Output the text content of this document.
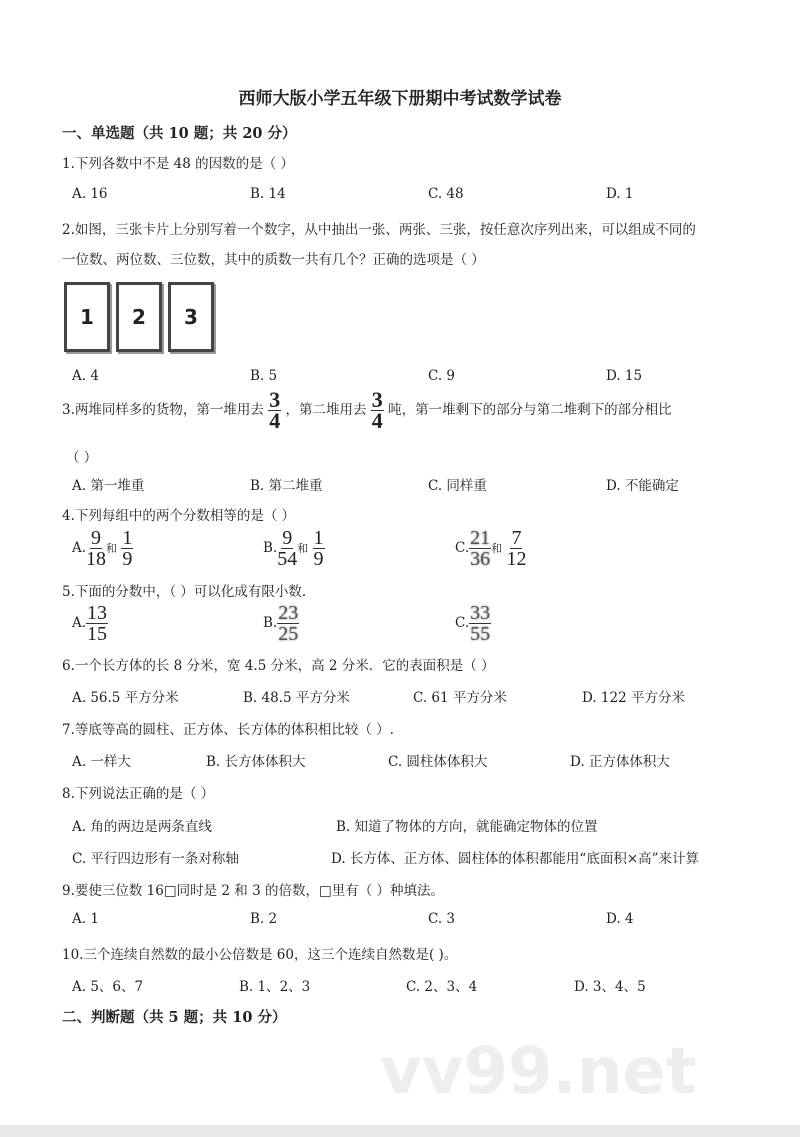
西师大版小学五年级下册期中考试数学试卷
一、单选题（共 10 题；共 20 分）
1.下列各数中不是 48 的因数的是（ ）
A. 16	B. 14	C. 48	D. 1
2.如图，三张卡片上分别写着一个数字，从中抽出一张、两张、三张，按任意次序列出来，可以组成不同的
一位数、两位数、三位数，其中的质数一共有几个？正确的选项是（ ）
1	2	3
A. 4	B. 5	C. 9	D. 15
3.两堆同样多的货物，第一堆用去 $\frac{3}{4}$ ，第二堆用去 $\frac{3}{4}$ 吨，第一堆剩下的部分与第二堆剩下的部分相比
（ ）
A. 第一堆重	B. 第二堆重	C. 同样重	D. 不能确定
4.下列每组中的两个分数相等的是（ ）
A. $\frac{9}{18}$ 和 $\frac{1}{9}$	B. $\frac{9}{54}$ 和 $\frac{1}{9}$	C. $\frac{21}{36}$ 和 $\frac{7}{12}$
5.下面的分数中，（ ）可以化成有限小数.
A. $\frac{13}{15}$	B. $\frac{23}{25}$	C. $\frac{33}{55}$
6.一个长方体的长 8 分米，宽 4.5 分米，高 2 分米．它的表面积是（ ）
A. 56.5 平方分米	B. 48.5 平方分米	C. 61 平方分米	D. 122 平方分米
7.等底等高的圆柱、正方体、长方体的体积相比较（ ）.
A. 一样大	B. 长方体体积大	C. 圆柱体体积大	D. 正方体体积大
8.下列说法正确的是（ ）
A. 角的两边是两条直线	B. 知道了物体的方向，就能确定物体的位置
C. 平行四边形有一条对称轴	D. 长方体、正方体、圆柱体的体积都能用“底面积×高”来计算
9.要使三位数 16□同时是 2 和 3 的倍数，□里有（ ）种填法。
A. 1	B. 2	C. 3	D. 4
10.三个连续自然数的最小公倍数是 60，这三个连续自然数是( )。
A. 5、6、7	B. 1、2、3	C. 2、3、4	D. 3、4、5
二、判断题（共 5 题；共 10 分）
vv99.net
